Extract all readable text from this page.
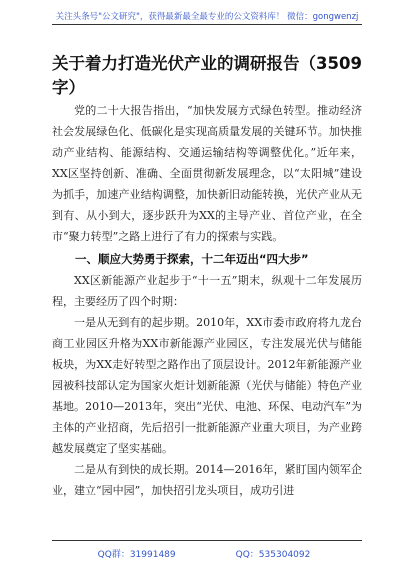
关注头条号"公文研究"，获得最新最全最专业的公文资料库！ 微信：gongwenzj
关于着力打造光伏产业的调研报告（3509字）

党的二十大报告指出，“加快发展方式绿色转型。推动经济社会发展绿色化、低碳化是实现高质量发展的关键环节。加快推动产业结构、能源结构、交通运输结构等调整优化。”近年来，XX区坚持创新、准确、全面贯彻新发展理念，以“太阳城”建设为抓手，加速产业结构调整，加快新旧动能转换，光伏产业从无到有、从小到大，逐步跃升为XX的主导产业、首位产业，在全市“聚力转型”之路上进行了有力的探索与实践。

一、顺应大势勇于探索，十二年迈出“四大步”

XX区新能源产业起步于“十一五”期末，纵观十二年发展历程，主要经历了四个时期：

一是从无到有的起步期。2010年，XX市委市政府将九龙台商工业园区升格为XX市新能源产业园区，专注发展光伏与储能板块，为XX走好转型之路作出了顶层设计。2012年新能源产业园被科技部认定为国家火炬计划新能源（光伏与储能）特色产业基地。2010—2013年，突出“光伏、电池、环保、电动汽车”为主体的产业招商，先后招引一批新能源产业重大项目，为产业跨越发展奠定了坚实基础。

二是从有到快的成长期。2014—2016年，紧盯国内领军企业，建立“园中园”，加快招引龙头项目，成功引进

QQ群：31991489	QQ：535304092
